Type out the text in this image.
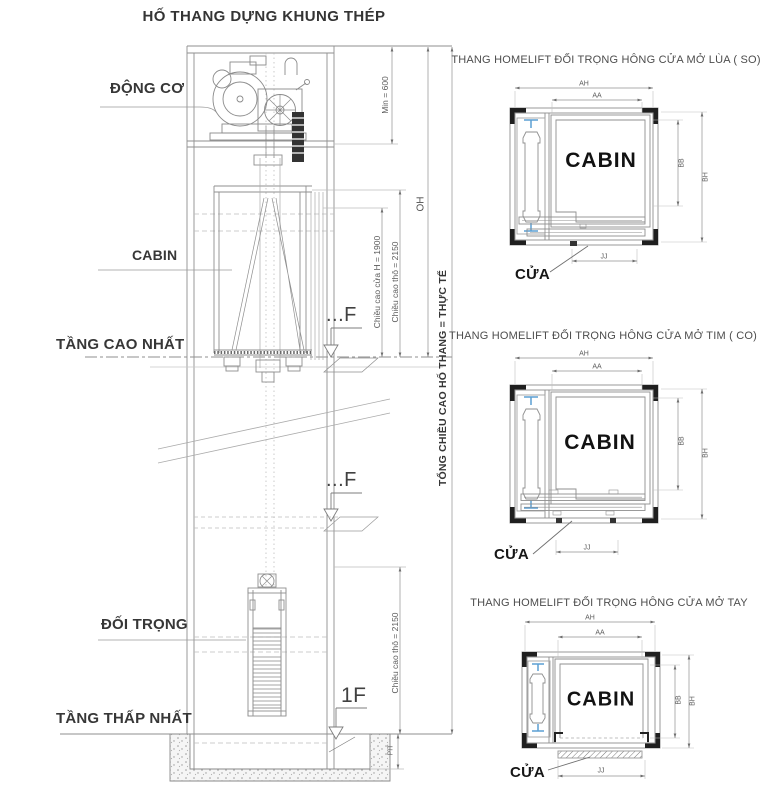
HỐ THANG DỰNG KHUNG THÉP
ĐỘNG CƠ
CABIN
TẦNG CAO NHẤT
ĐỐI TRỌNG
TẦNG THẤP NHẤT
...F
...F
1F
Min = 600
OH
Chiều cao cửa H = 1900 Chiều cao thô = 2150	TỔNG CHIỀU CAO HỐ THANG = THỰC TẾ
Chiều cao thô = 2150
PIT
THANG HOMELIFT ĐỐI TRỌNG HÔNG CỬA MỞ LÙA ( SO)
AH
AA
BB
BH
JJ
CABIN
CỬA
THANG HOMELIFT ĐỐI TRỌNG HÔNG CỬA MỞ TIM ( CO)
AH
AA
BB
BH
JJ
CABIN
CỬA
THANG HOMELIFT ĐỐI TRỌNG HÔNG CỬA MỞ TAY
AH
AA
BB BH
JJ
CABIN
CỬA
